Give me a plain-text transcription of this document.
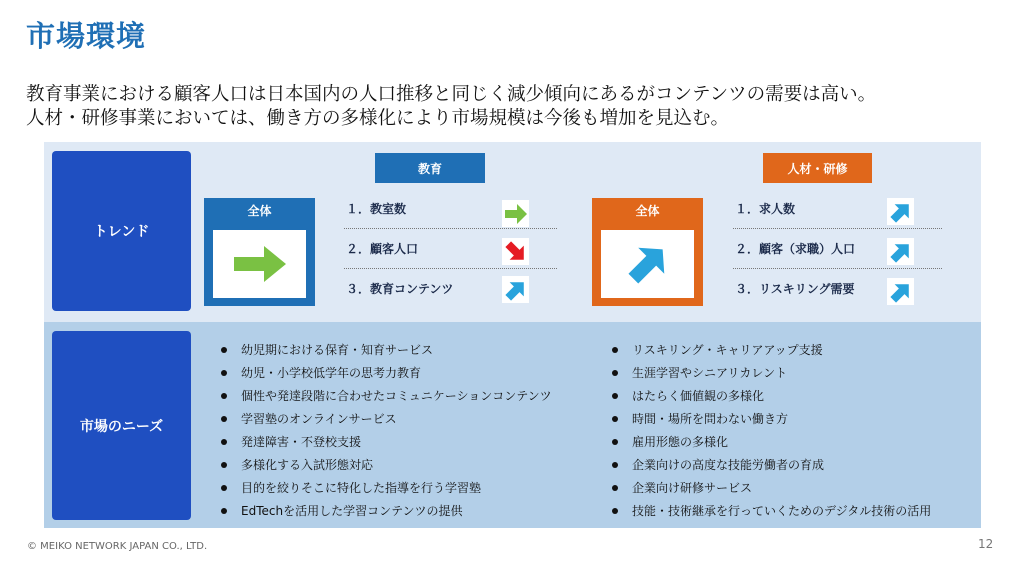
市場環境
教育事業における顧客人口は日本国内の人口推移と同じく減少傾向にあるがコンテンツの需要は高い。
人材・研修事業においては、働き方の多様化により市場規模は今後も増加を見込む。
トレンド
市場のニーズ
教育	人材・研修
全体	全体
１．教室数
２．顧客人口
３．教育コンテンツ
１．求人数
２．顧客（求職）人口
３．リスキリング需要
幼児期における保育・知育サービス
幼児・小学校低学年の思考力教育
個性や発達段階に合わせたコミュニケーションコンテンツ
学習塾のオンラインサービス
発達障害・不登校支援
多様化する入試形態対応
目的を絞りそこに特化した指導を行う学習塾
EdTechを活用した学習コンテンツの提供
リスキリング・キャリアアップ支援
生涯学習やシニアリカレント
はたらく価値観の多様化
時間・場所を問わない働き方
雇用形態の多様化
企業向けの高度な技能労働者の育成
企業向け研修サービス
技能・技術継承を行っていくためのデジタル技術の活用
© MEIKO NETWORK JAPAN CO., LTD.	12
